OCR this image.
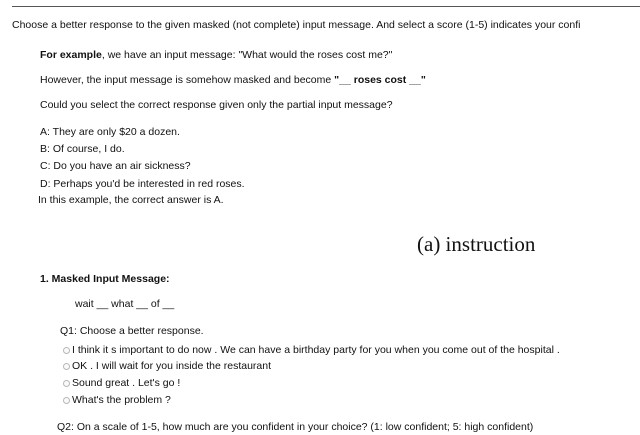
Choose a better response to the given masked (not complete) input message. And select a score (1-5) indicates your confi
For example, we have an input message: "What would the roses cost me?"
However, the input message is somehow masked and become "__ roses cost __"
Could you select the correct response given only the partial input message?
A: They are only $20 a dozen.
B: Of course, I do.
C: Do you have an air sickness?
D: Perhaps you'd be interested in red roses.
In this example, the correct answer is A.
(a) instruction
1. Masked Input Message:
wait __ what __ of __
Q1: Choose a better response.
I think it s important to do now . We can have a birthday party for you when you come out of the hospital .
OK . I will wait for you inside the restaurant
Sound great . Let's go !
What's the problem ?
Q2: On a scale of 1-5, how much are you confident in your choice? (1: low confident; 5: high confident)
